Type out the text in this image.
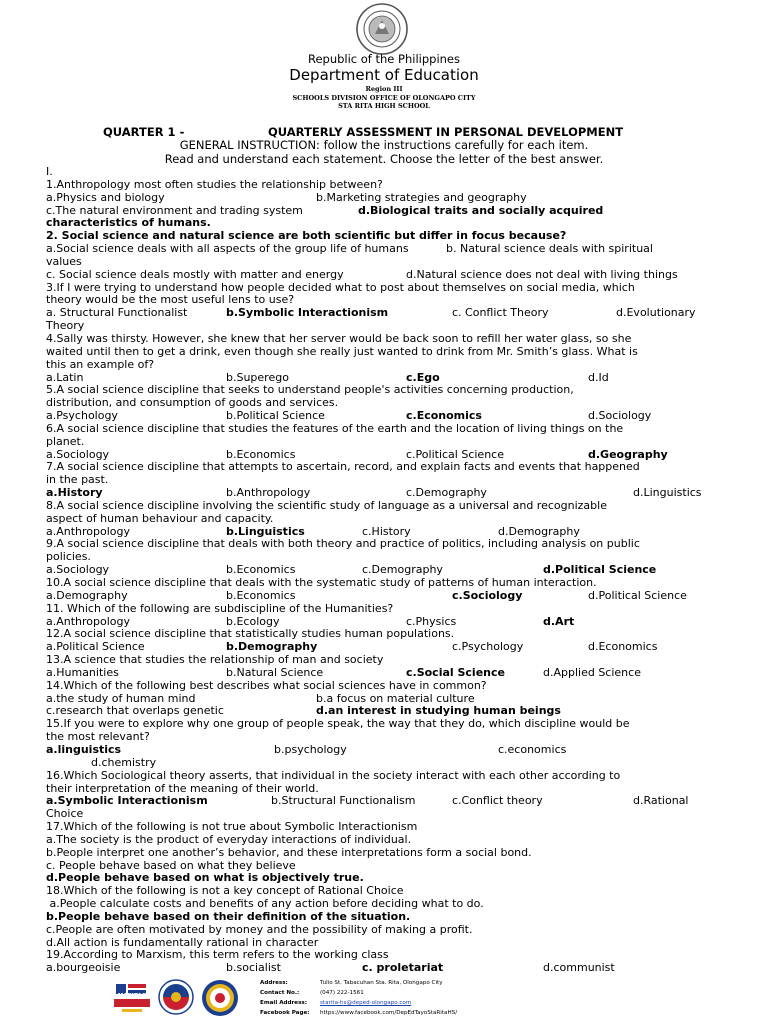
Republic of the Philippines
Department of Education
Region III
SCHOOLS DIVISION OFFICE OF OLONGAPO CITY
STA RITA HIGH SCHOOL
QUARTER 1 -	QUARTERLY ASSESSMENT IN PERSONAL DEVELOPMENT
GENERAL INSTRUCTION: follow the instructions carefully for each item.
Read and understand each statement. Choose the letter of the best answer.
I.
1.Anthropology most often studies the relationship between?
a.Physics and biology	b.Marketing strategies and geography
c.The natural environment and trading system	d.Biological traits and socially acquired
characteristics of humans.
2. Social science and natural science are both scientific but differ in focus because?
a.Social science deals with all aspects of the group life of humans	b. Natural science deals with spiritual
values
c. Social science deals mostly with matter and energy	d.Natural science does not deal with living things
3.If I were trying to understand how people decided what to post about themselves on social media, which
theory would be the most useful lens to use?
a. Structural Functionalist	b.Symbolic Interactionism	c. Conflict Theory	d.Evolutionary
Theory
4.Sally was thirsty. However, she knew that her server would be back soon to refill her water glass, so she
waited until then to get a drink, even though she really just wanted to drink from Mr. Smith’s glass. What is
this an example of?
a.Latin	b.Superego	c.Ego	d.Id
5.A social science discipline that seeks to understand people's activities concerning production,
distribution, and consumption of goods and services.
a.Psychology	b.Political Science	c.Economics	d.Sociology
6.A social science discipline that studies the features of the earth and the location of living things on the
planet.
a.Sociology	b.Economics	c.Political Science	d.Geography
7.A social science discipline that attempts to ascertain, record, and explain facts and events that happened
in the past.
a.History	b.Anthropology	c.Demography	d.Linguistics
8.A social science discipline involving the scientific study of language as a universal and recognizable
aspect of human behaviour and capacity.
a.Anthropology	b.Linguistics	c.History	d.Demography
9.A social science discipline that deals with both theory and practice of politics, including analysis on public
policies.
a.Sociology	b.Economics	c.Demography	d.Political Science
10.A social science discipline that deals with the systematic study of patterns of human interaction.
a.Demography	b.Economics	c.Sociology	d.Political Science
11. Which of the following are subdiscipline of the Humanities?
a.Anthropology	b.Ecology	c.Physics	d.Art
12.A social science discipline that statistically studies human populations.
a.Political Science	b.Demography	c.Psychology	d.Economics
13.A science that studies the relationship of man and society
a.Humanities	b.Natural Science	c.Social Science	d.Applied Science
14.Which of the following best describes what social sciences have in common?
a.the study of human mind	b.a focus on material culture
c.research that overlaps genetic	d.an interest in studying human beings
15.If you were to explore why one group of people speak, the way that they do, which discipline would be
the most relevant?
a.linguistics	b.psychology	c.economics
d.chemistry
16.Which Sociological theory asserts, that individual in the society interact with each other according to
their interpretation of the meaning of their world.
a.Symbolic Interactionism	b.Structural Functionalism	c.Conflict theory	d.Rational
Choice
17.Which of the following is not true about Symbolic Interactionism
a.The society is the product of everyday interactions of individual.
b.People interpret one another’s behavior, and these interpretations form a social bond.
c. People behave based on what they believe
d.People behave based on what is objectively true.
18.Which of the following is not a key concept of Rational Choice
a.People calculate costs and benefits of any action before deciding what to do.
b.People behave based on their definition of the situation.
c.People are often motivated by money and the possibility of making a profit.
d.All action is fundamentally rational in character
19.According to Marxism, this term refers to the working class
a.bourgeoisie	b.socialist	c. proletariat	d.communist
MATATAG
Address:	Tulio St. Tabacuhan Sta. Rita, Olongapo City
Contact No.:	(047) 222-1561
Email Address: starita-hs@deped-olongapo.com
Facebook Page: https://www.facebook.com/DepEdTayoStaRitaHS/
